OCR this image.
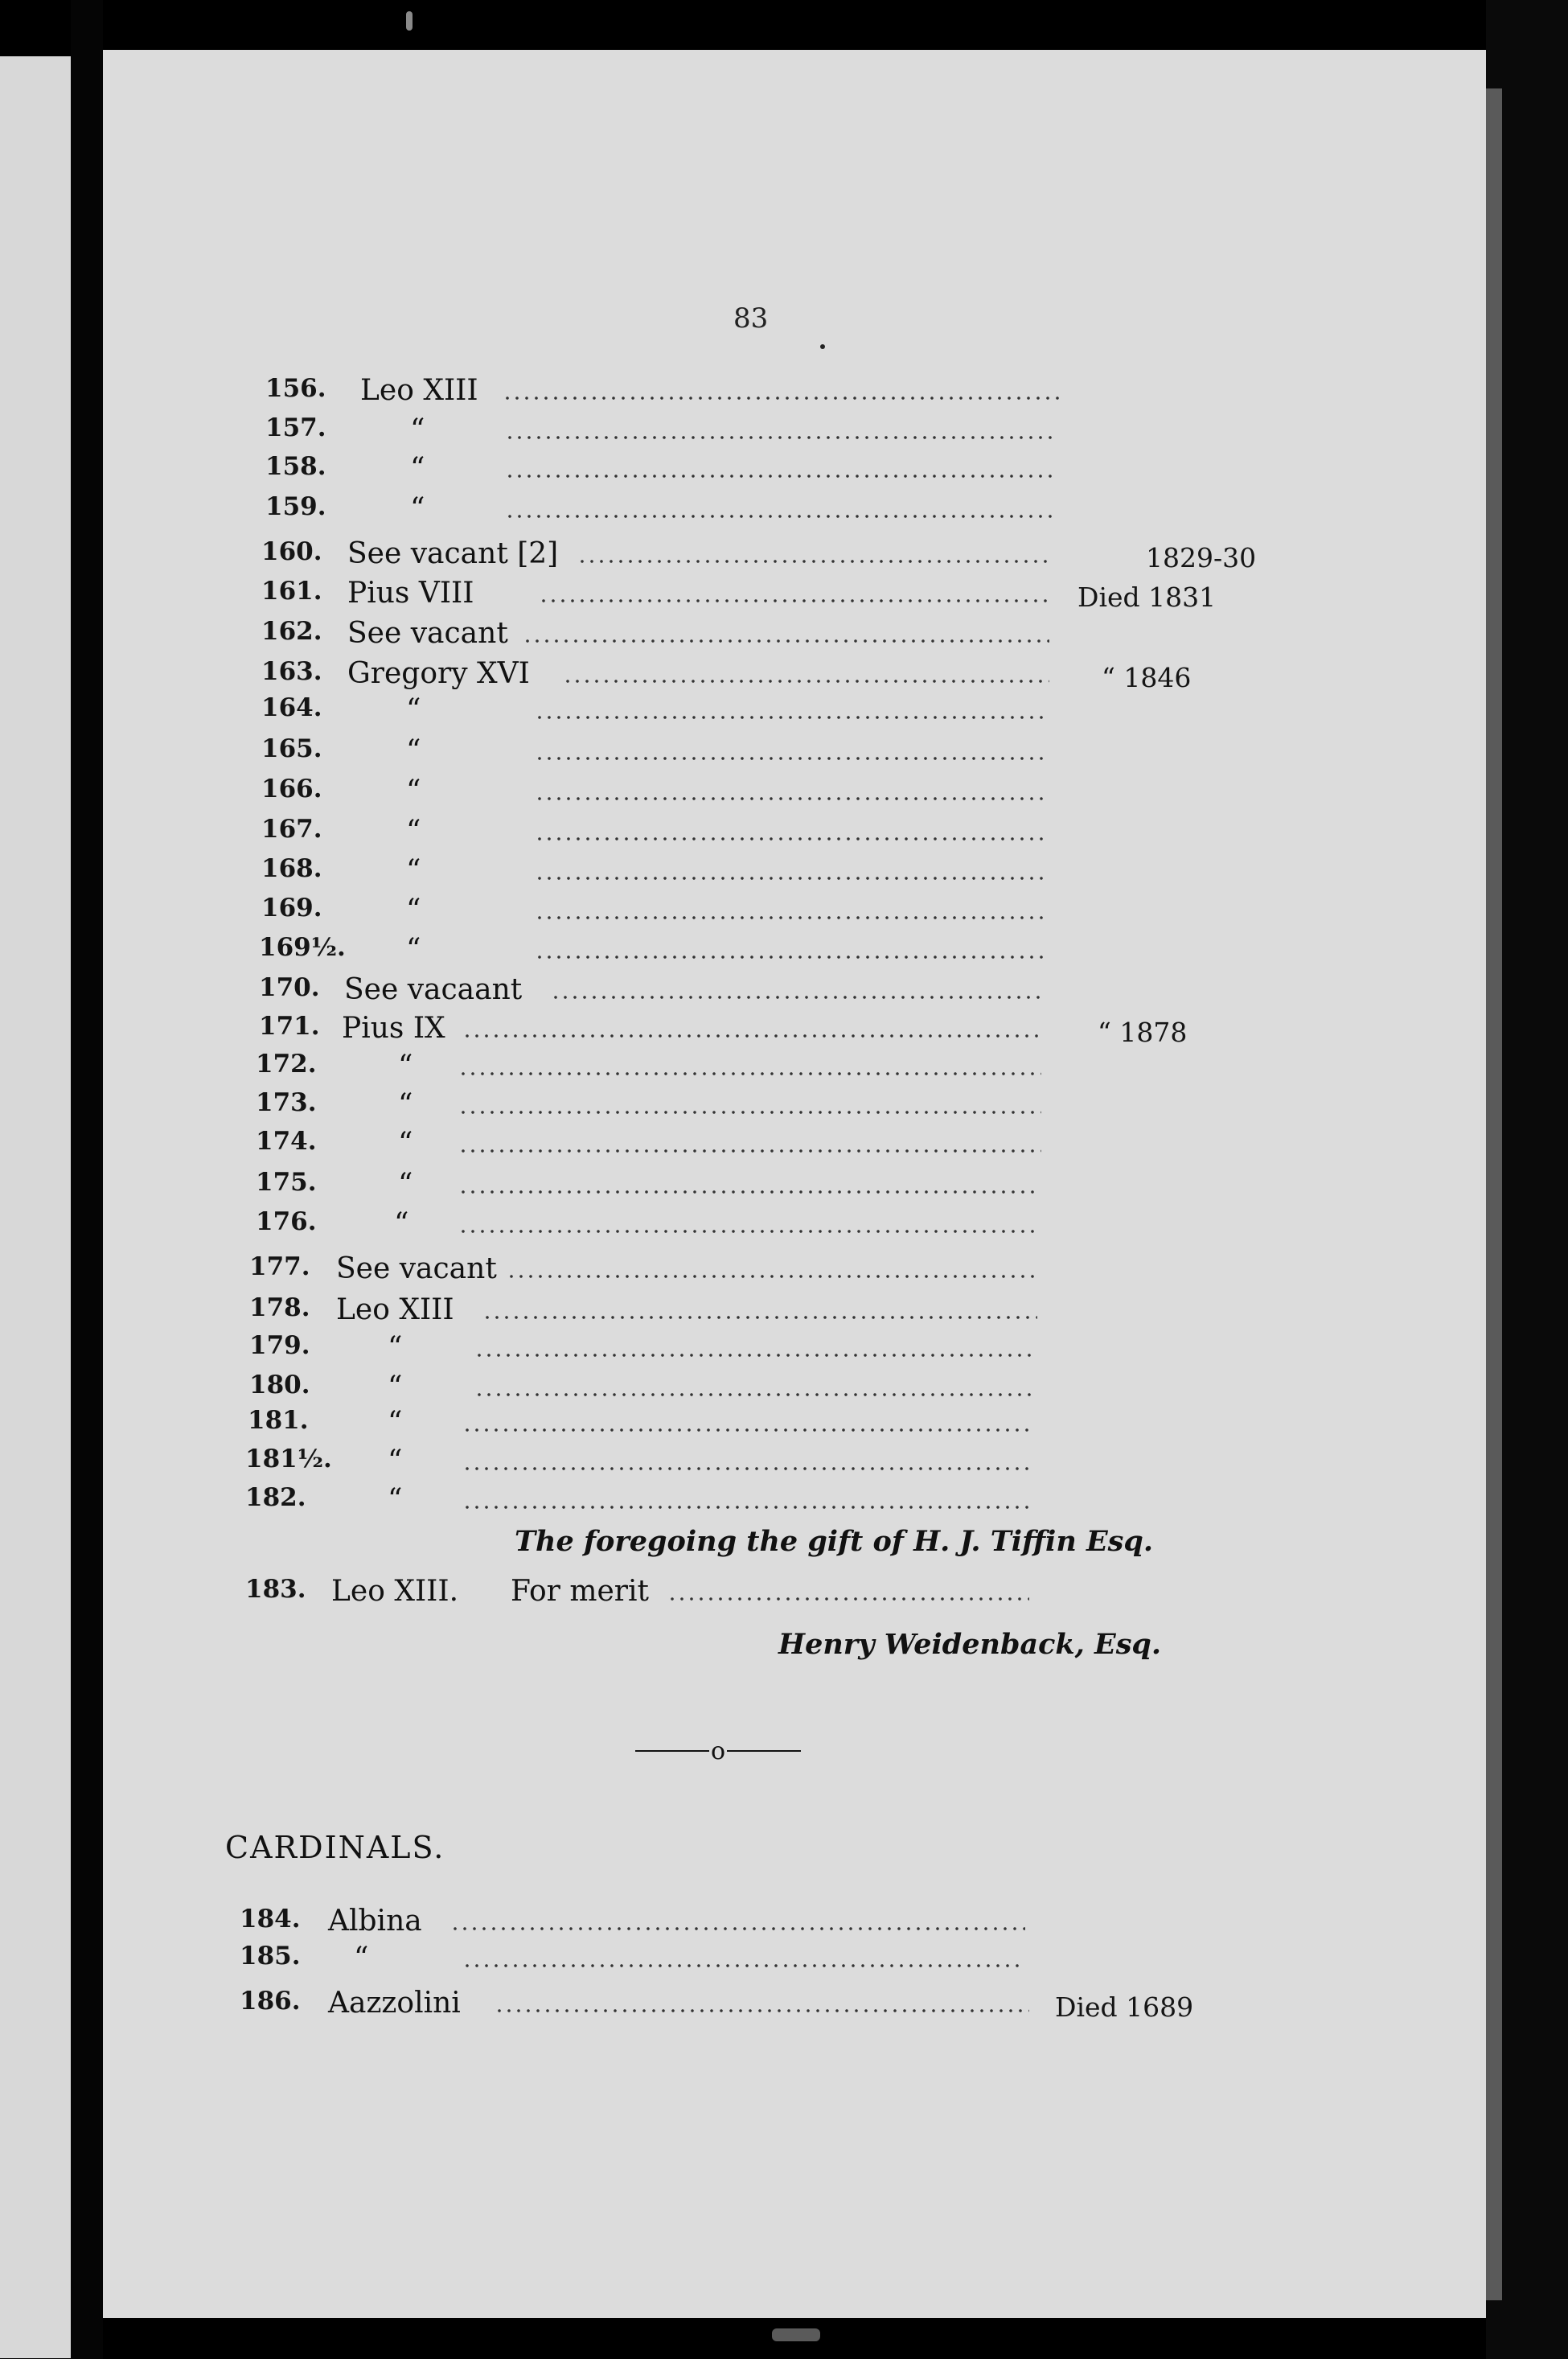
83
156. Leo XIII
157.	“
158.	“
159.	“
160. See vacant [2]	1829-30
161. Pius VIII	Died 1831
162. See vacant
163. Gregory XVI	“ 1846
164.	“
165.	“
166.	“
167.	“
168.	“
169.	“
169½. “
170. See vacaant
171. Pius IX	“ 1878
172.	“
173.	“
174.	“
175.	“
176.	“
177. See vacant
178. Leo XIII
179.	“
180.	“
181.	“
181½. “
182.	“
The foregoing the gift of H. J. Tiffin Esq.
183. Leo XIII. For merit
Henry Weidenback, Esq.
o
CARDINALS.
184. Albina
185. “
186. Aazzolini	Died 1689
